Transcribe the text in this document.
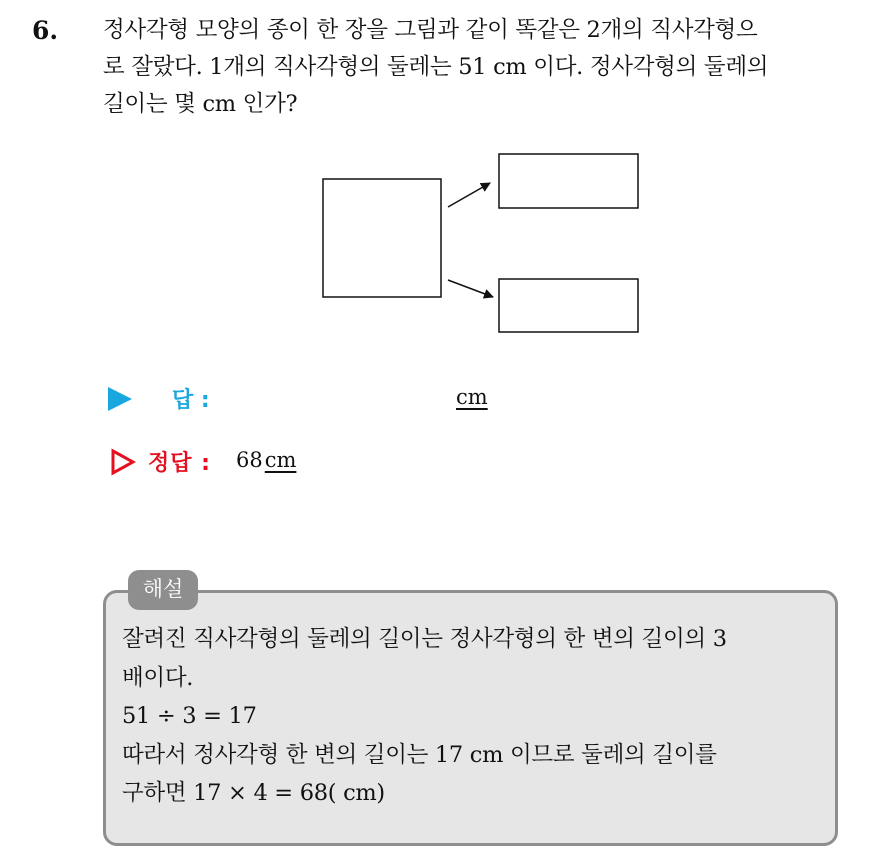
6. 정사각형 모양의 종이 한 장을 그림과 같이 똑같은 2개의 직사각형으
로 잘랐다. 1개의 직사각형의 둘레는 51 cm 이다. 정사각형의 둘레의
길이는 몇 cm 인가?
답 :	cm
정답 : 68cm
해설
잘려진 직사각형의 둘레의 길이는 정사각형의 한 변의 길이의 3
배이다.
51 ÷ 3 = 17
따라서 정사각형 한 변의 길이는 17 cm 이므로 둘레의 길이를
구하면 17 × 4 = 68( cm)
